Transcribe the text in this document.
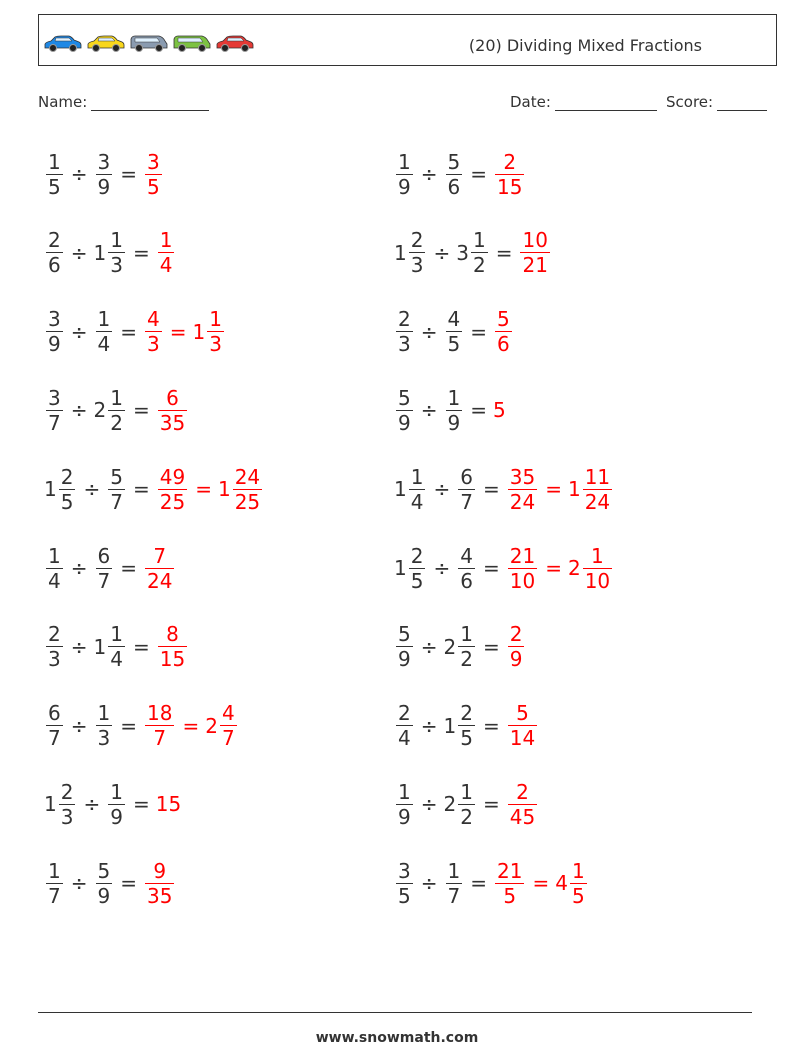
(20) Dividing Mixed Fractions
Name:	Date:	Score:
$\frac{1}{5} \div \frac{3}{9} = \frac{3}{5}$	$\frac{1}{9} \div \frac{5}{6} = \frac{2}{15}$
$\frac{2}{6} \div 1 \frac{1}{3} = \frac{1}{4}$	$1 \frac{2}{3} \div 3 \frac{1}{2} = \frac{10}{21}$
$\frac{3}{9} \div \frac{1}{4} = \frac{4}{3} = 1 \frac{1}{3}$	$\frac{2}{3} \div \frac{4}{5} = \frac{5}{6}$
$\frac{3}{7} \div 2 \frac{1}{2} = \frac{6}{35}$	$\frac{5}{9} \div \frac{1}{9} = 5$
$1 \frac{2}{5} \div \frac{5}{7} = \frac{49}{25} = 1 \frac{24}{25}$	$1 \frac{1}{4} \div \frac{6}{7} = \frac{35}{24} = 1 \frac{11}{24}$
$\frac{1}{4} \div \frac{6}{7} = \frac{7}{24}$	$1 \frac{2}{5} \div \frac{4}{6} = \frac{21}{10} = 2 \frac{1}{10}$
$\frac{2}{3} \div 1 \frac{1}{4} = \frac{8}{15}$	$\frac{5}{9} \div 2 \frac{1}{2} = \frac{2}{9}$
$\frac{6}{7} \div \frac{1}{3} = \frac{18}{7} = 2 \frac{4}{7}$	$\frac{2}{4} \div 1 \frac{2}{5} = \frac{5}{14}$
$1 \frac{2}{3} \div \frac{1}{9} = 15$	$\frac{1}{9} \div 2 \frac{1}{2} = \frac{2}{45}$
$\frac{1}{7} \div \frac{5}{9} = \frac{9}{35}$	$\frac{3}{5} \div \frac{1}{7} = \frac{21}{5} = 4 \frac{1}{5}$
www.snowmath.com
